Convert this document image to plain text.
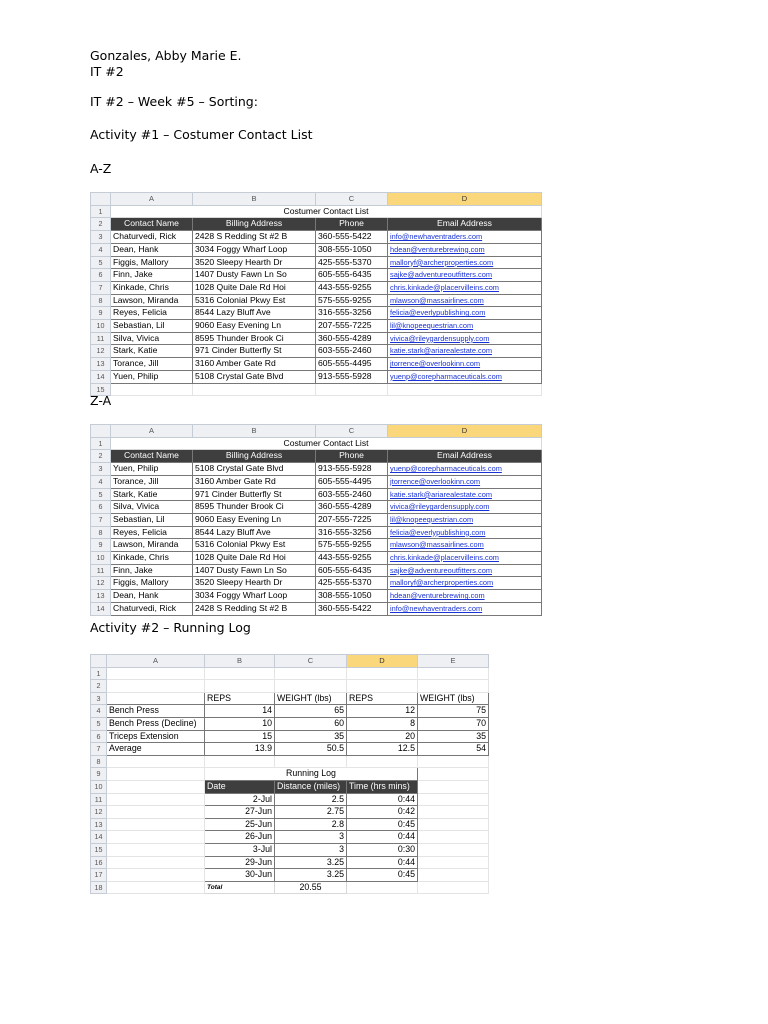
Gonzales, Abby Marie E.

IT #2

IT #2 – Week #5 – Sorting:

Activity #1 – Costumer Contact List

A-Z

	A	B	C	D
1	Costumer Contact List			
2	Contact Name	Billing Address	Phone	Email Address
3	Chaturvedi, Rick	2428 S Redding St #2 B	360-555-5422	info@newhaventraders.com
4	Dean, Hank	3034 Foggy Wharf Loop	308-555-1050	hdean@venturebrewing.com
5	Figgis, Mallory	3520 Sleepy Hearth Dr	425-555-5370	malloryf@archerproperties.com
6	Finn, Jake	1407 Dusty Fawn Ln So	605-555-6435	sajke@adventureoutfitters.com
7	Kinkade, Chris	1028 Quite Dale Rd Hoi	443-555-9255	chris.kinkade@placervilleins.com
8	Lawson, Miranda	5316 Colonial Pkwy Est	575-555-9255	mlawson@massairlines.com
9	Reyes, Felicia	8544 Lazy Bluff Ave	316-555-3256	felicia@everlypublishing.com
10	Sebastian, Lil	9060 Easy Evening Ln	207-555-7225	lil@knopeequestrian.com
11	Silva, Vivica	8595 Thunder Brook Ci	360-555-4289	vivica@rileygardensupply.com
12	Stark, Katie	971 Cinder Butterfly St	603-555-2460	katie.stark@ariarealestate.com
13	Torance, Jill	3160 Amber Gate Rd	605-555-4495	jtorrence@overlookinn.com
14	Yuen, Philip	5108 Crystal Gate Blvd	913-555-5928	yuenp@corepharmaceuticals.com
15				

Z-A

	A	B	C	D
1	Costumer Contact List			
2	Contact Name	Billing Address	Phone	Email Address
3	Yuen, Philip	5108 Crystal Gate Blvd	913-555-5928	yuenp@corepharmaceuticals.com
4	Torance, Jill	3160 Amber Gate Rd	605-555-4495	jtorrence@overlookinn.com
5	Stark, Katie	971 Cinder Butterfly St	603-555-2460	katie.stark@ariarealestate.com
6	Silva, Vivica	8595 Thunder Brook Ci	360-555-4289	vivica@rileygardensupply.com
7	Sebastian, Lil	9060 Easy Evening Ln	207-555-7225	lil@knopeequestrian.com
8	Reyes, Felicia	8544 Lazy Bluff Ave	316-555-3256	felicia@everlypublishing.com
9	Lawson, Miranda	5316 Colonial Pkwy Est	575-555-9255	mlawson@massairlines.com
10	Kinkade, Chris	1028 Quite Dale Rd Hoi	443-555-9255	chris.kinkade@placervilleins.com
11	Finn, Jake	1407 Dusty Fawn Ln So	605-555-6435	sajke@adventureoutfitters.com
12	Figgis, Mallory	3520 Sleepy Hearth Dr	425-555-5370	malloryf@archerproperties.com
13	Dean, Hank	3034 Foggy Wharf Loop	308-555-1050	hdean@venturebrewing.com
14	Chaturvedi, Rick	2428 S Redding St #2 B	360-555-5422	info@newhaventraders.com

Activity #2 – Running Log

	A	B	C	D	E
1					
2					
3		REPS	WEIGHT (lbs)	REPS	WEIGHT (lbs)
4	Bench Press	14	65	12	75
5	Bench Press (Decline)	10	60	8	70
6	Triceps Extension	15	35	20	35
7	Average	13.9	50.5	12.5	54
8					
9		Running Log			
10		Date	Distance (miles)	Time (hrs mins)	
11		2-Jul	2.5	0:44	
12		27-Jun	2.75	0:42	
13		25-Jun	2.8	0:45	
14		26-Jun	3	0:44	
15		3-Jul	3	0:30	
16		29-Jun	3.25	0:44	
17		30-Jun	3.25	0:45	
18		Total	20.55		
